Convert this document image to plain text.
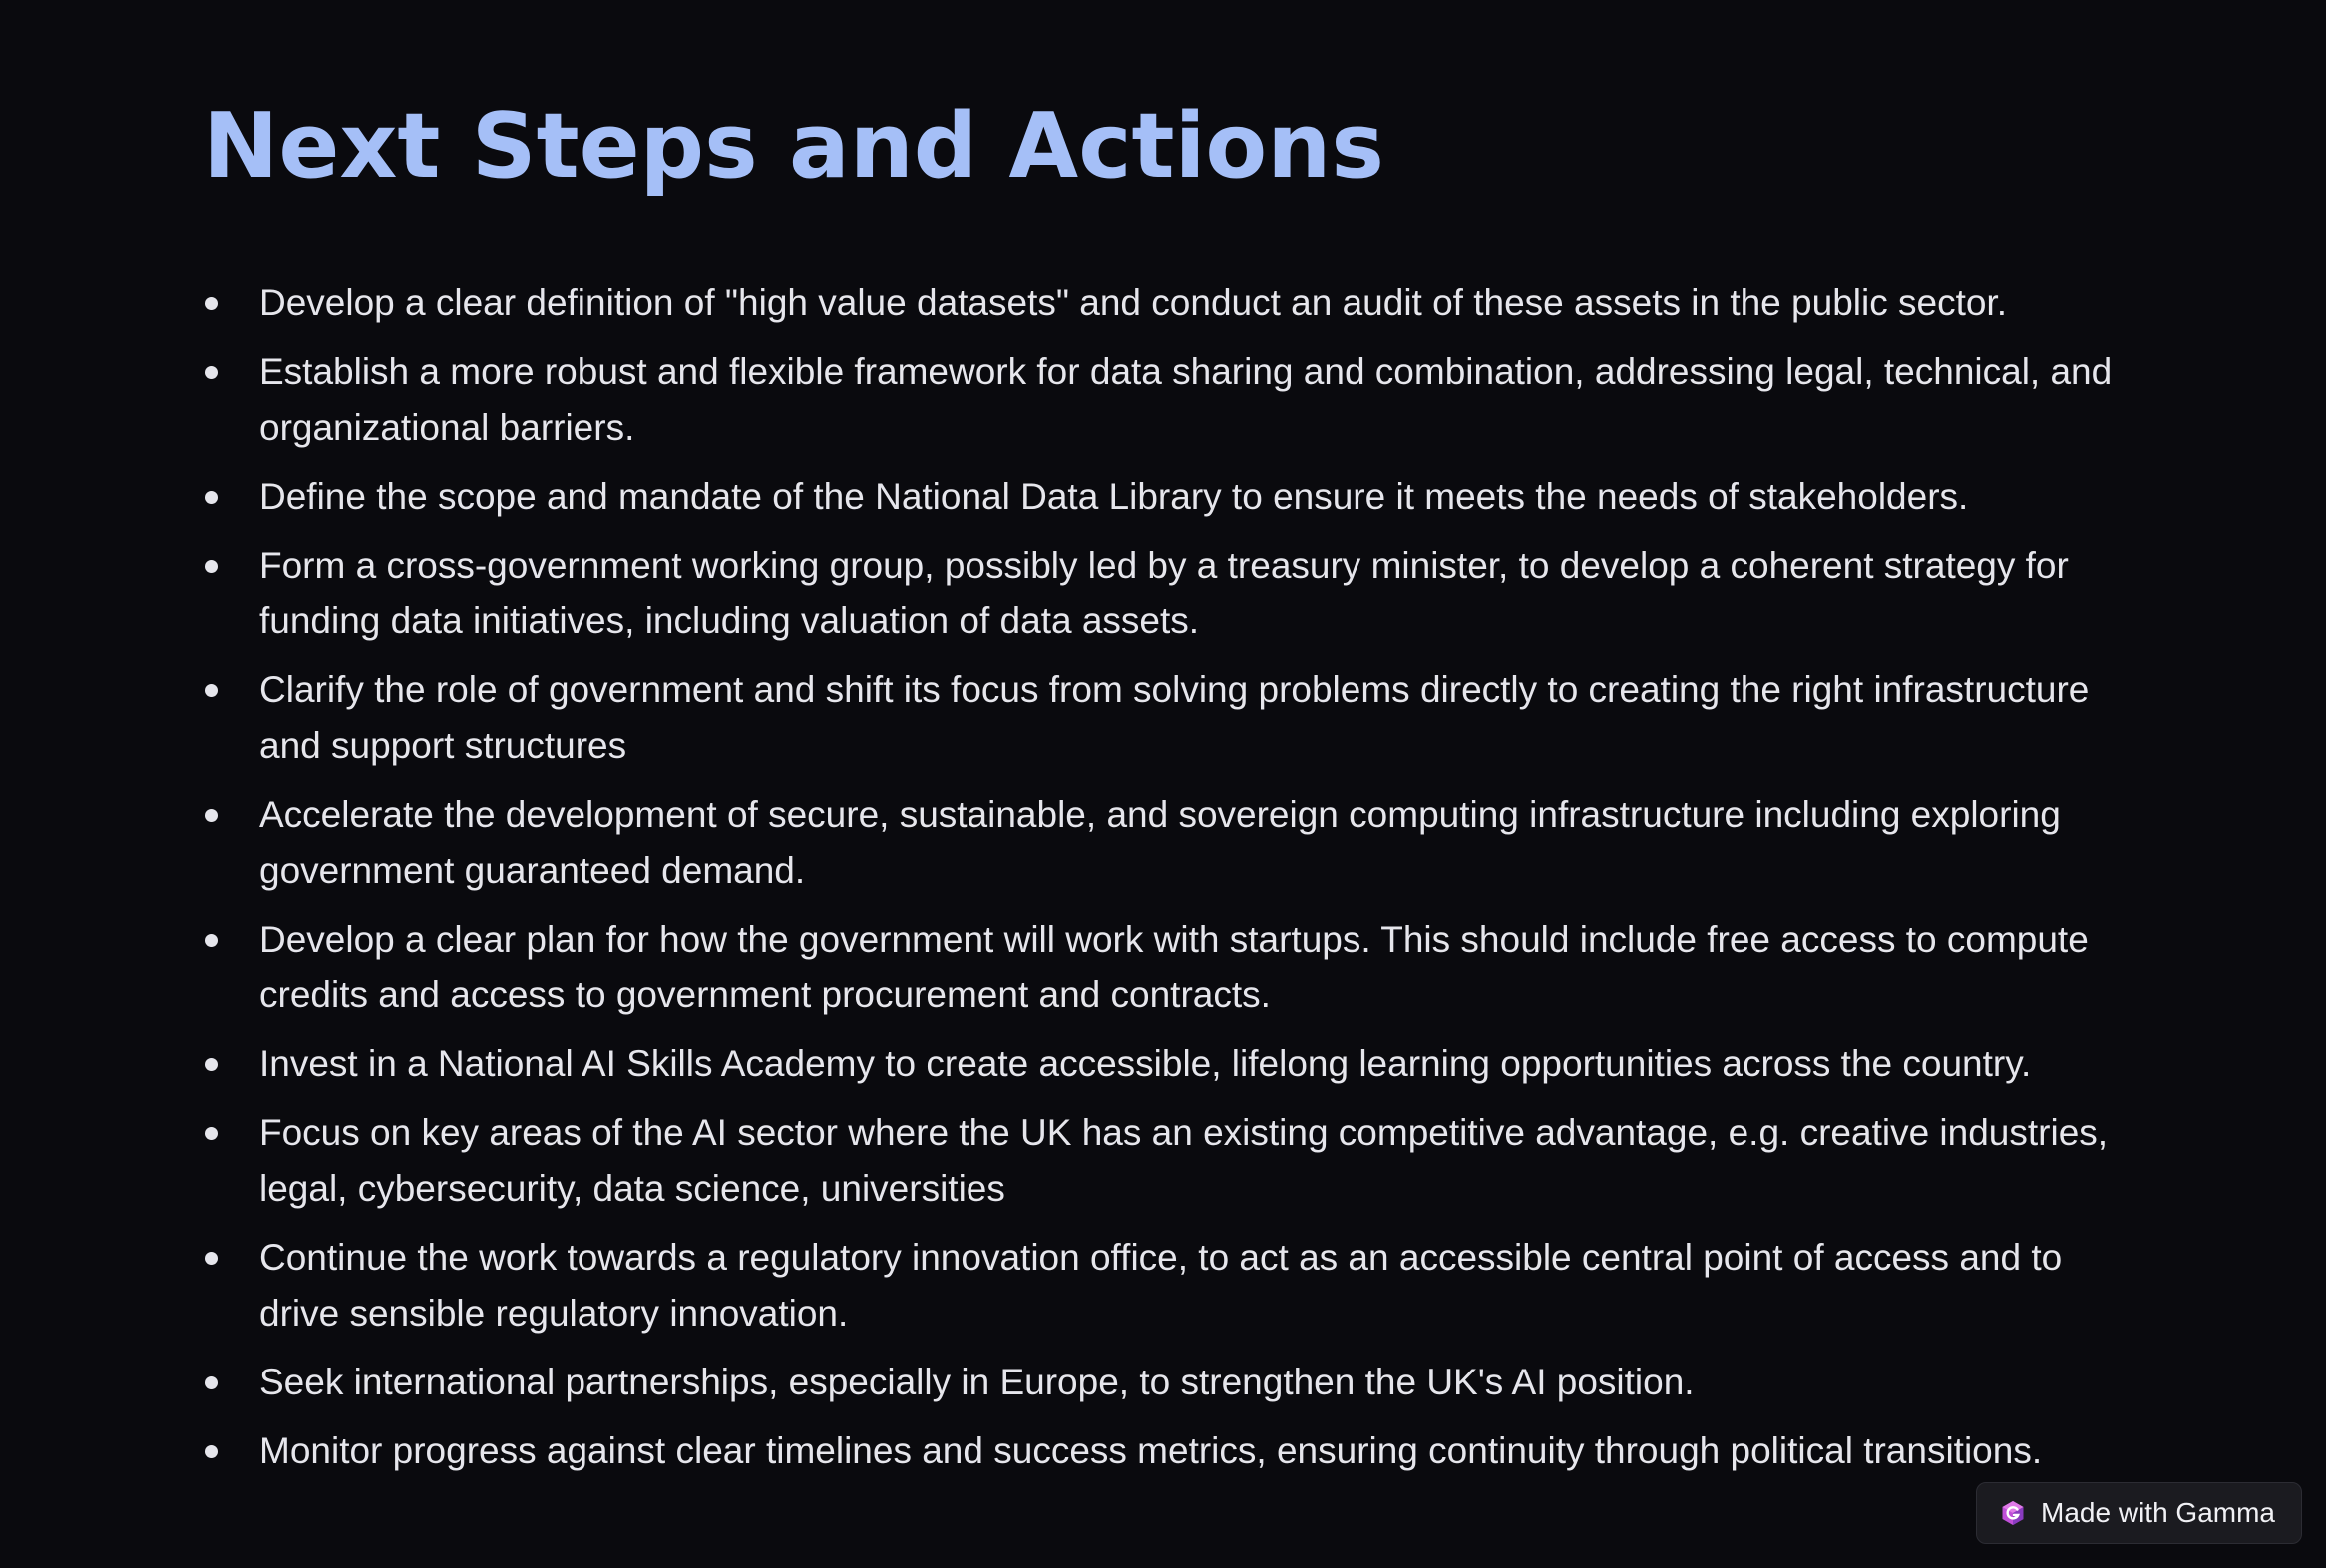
Next Steps and Actions
Develop a clear definition of "high value datasets" and conduct an audit of these assets in the public sector.
Establish a more robust and flexible framework for data sharing and combination, addressing legal, technical, and organizational barriers.
Define the scope and mandate of the National Data Library to ensure it meets the needs of stakeholders.
Form a cross-government working group, possibly led by a treasury minister, to develop a coherent strategy for funding data initiatives, including valuation of data assets.
Clarify the role of government and shift its focus from solving problems directly to creating the right infrastructure and support structures
Accelerate the development of secure, sustainable, and sovereign computing infrastructure including exploring government guaranteed demand.
Develop a clear plan for how the government will work with startups. This should include free access to compute credits and access to government procurement and contracts.
Invest in a National AI Skills Academy to create accessible, lifelong learning opportunities across the country.
Focus on key areas of the AI sector where the UK has an existing competitive advantage, e.g. creative industries, legal, cybersecurity, data science, universities
Continue the work towards a regulatory innovation office, to act as an accessible central point of access and to drive sensible regulatory innovation.
Seek international partnerships, especially in Europe, to strengthen the UK's AI position.
Monitor progress against clear timelines and success metrics, ensuring continuity through political transitions.
Made with Gamma
